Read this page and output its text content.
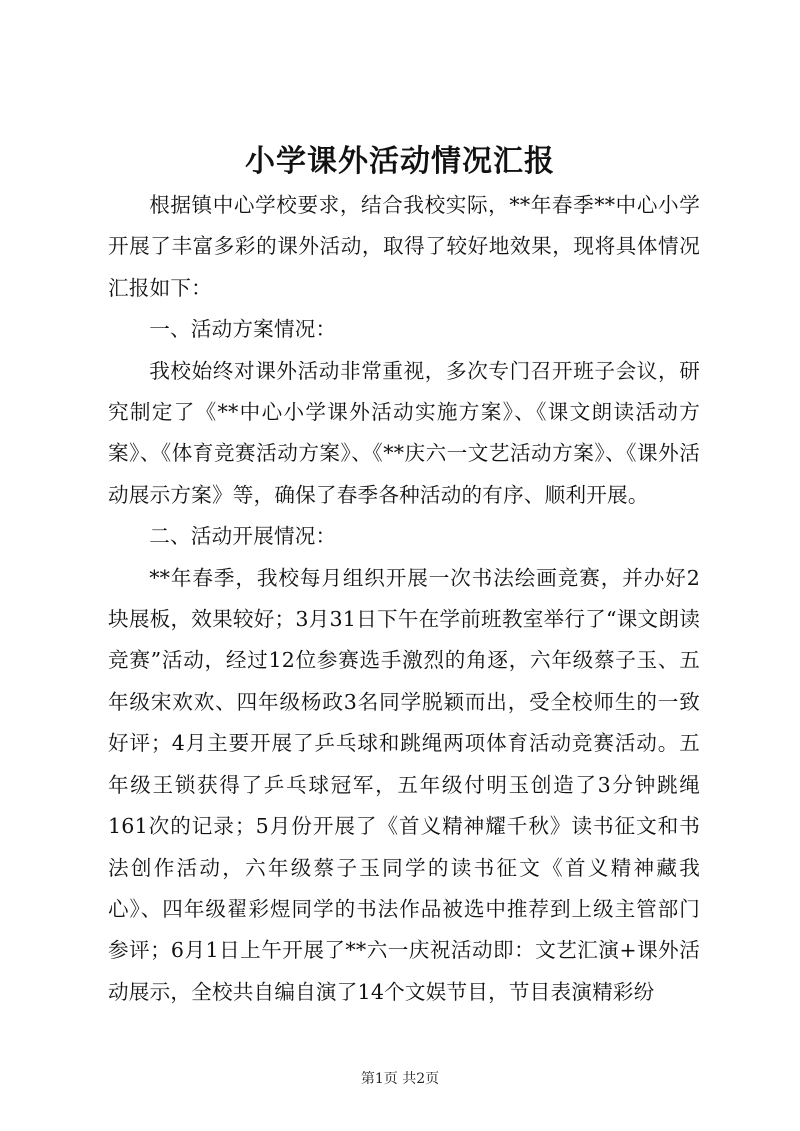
小学课外活动情况汇报

根据镇中心学校要求，结合我校实际，**年春季**中心小学开展了丰富多彩的课外活动，取得了较好地效果，现将具体情况汇报如下：

一、活动方案情况：

我校始终对课外活动非常重视，多次专门召开班子会议，研究制定了《**中心小学课外活动实施方案》、《课文朗读活动方案》、《体育竞赛活动方案》、《**庆六一文艺活动方案》、《课外活动展示方案》等，确保了春季各种活动的有序、顺利开展。

二、活动开展情况：

**年春季，我校每月组织开展一次书法绘画竞赛，并办好2块展板，效果较好；3月31日下午在学前班教室举行了“课文朗读竞赛”活动，经过12位参赛选手激烈的角逐，六年级蔡子玉、五年级宋欢欢、四年级杨政3名同学脱颖而出，受全校师生的一致好评；4月主要开展了乒乓球和跳绳两项体育活动竞赛活动。五年级王锁获得了乒乓球冠军，五年级付明玉创造了3分钟跳绳161次的记录；5月份开展了《首义精神耀千秋》读书征文和书法创作活动，六年级蔡子玉同学的读书征文《首义精神藏我心》、四年级翟彩煜同学的书法作品被选中推荐到上级主管部门参评；6月1日上午开展了**六一庆祝活动即：文艺汇演+课外活动展示，全校共自编自演了14个文娱节目，节目表演精彩纷

第1页 共2页
